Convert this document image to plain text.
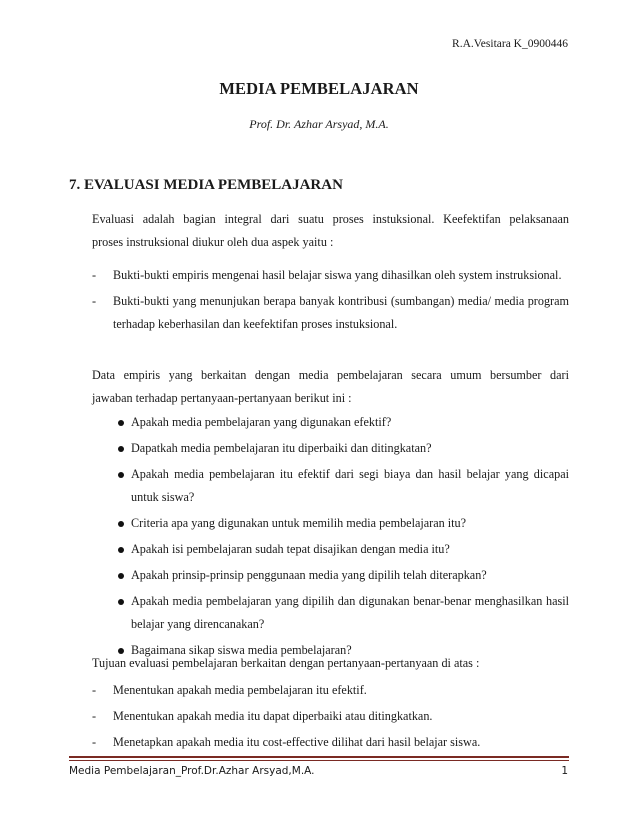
R.A.Vesitara K_0900446
MEDIA PEMBELAJARAN
Prof. Dr. Azhar Arsyad, M.A.
7. EVALUASI MEDIA PEMBELAJARAN
Evaluasi adalah bagian integral dari suatu proses instuksional. Keefektifan pelaksanaan
proses instruksional diukur oleh dua aspek yaitu :
- Bukti-bukti empiris mengenai hasil belajar siswa yang dihasilkan oleh system instruksional.
- Bukti-bukti yang menunjukan berapa banyak kontribusi (sumbangan) media/ media program terhadap keberhasilan dan keefektifan proses instuksional.
Data empiris yang berkaitan dengan media pembelajaran secara umum bersumber dari
jawaban terhadap pertanyaan-pertanyaan berikut ini :
Apakah media pembelajaran yang digunakan efektif?
Dapatkah media pembelajaran itu diperbaiki dan ditingkatan?
Apakah media pembelajaran itu efektif dari segi biaya dan hasil belajar yang dicapai untuk siswa?
Criteria apa yang digunakan untuk memilih media pembelajaran itu?
Apakah isi pembelajaran sudah tepat disajikan dengan media itu?
Apakah prinsip-prinsip penggunaan media yang dipilih telah diterapkan?
Apakah media pembelajaran yang dipilih dan digunakan benar-benar menghasilkan hasil belajar yang direncanakan?
Bagaimana sikap siswa media pembelajaran?
Tujuan evaluasi pembelajaran berkaitan dengan pertanyaan-pertanyaan di atas :
- Menentukan apakah media pembelajaran itu efektif.
- Menentukan apakah media itu dapat diperbaiki atau ditingkatkan.
- Menetapkan apakah media itu cost-effective dilihat dari hasil belajar siswa.
Media Pembelajaran_Prof.Dr.Azhar Arsyad,M.A.	1
